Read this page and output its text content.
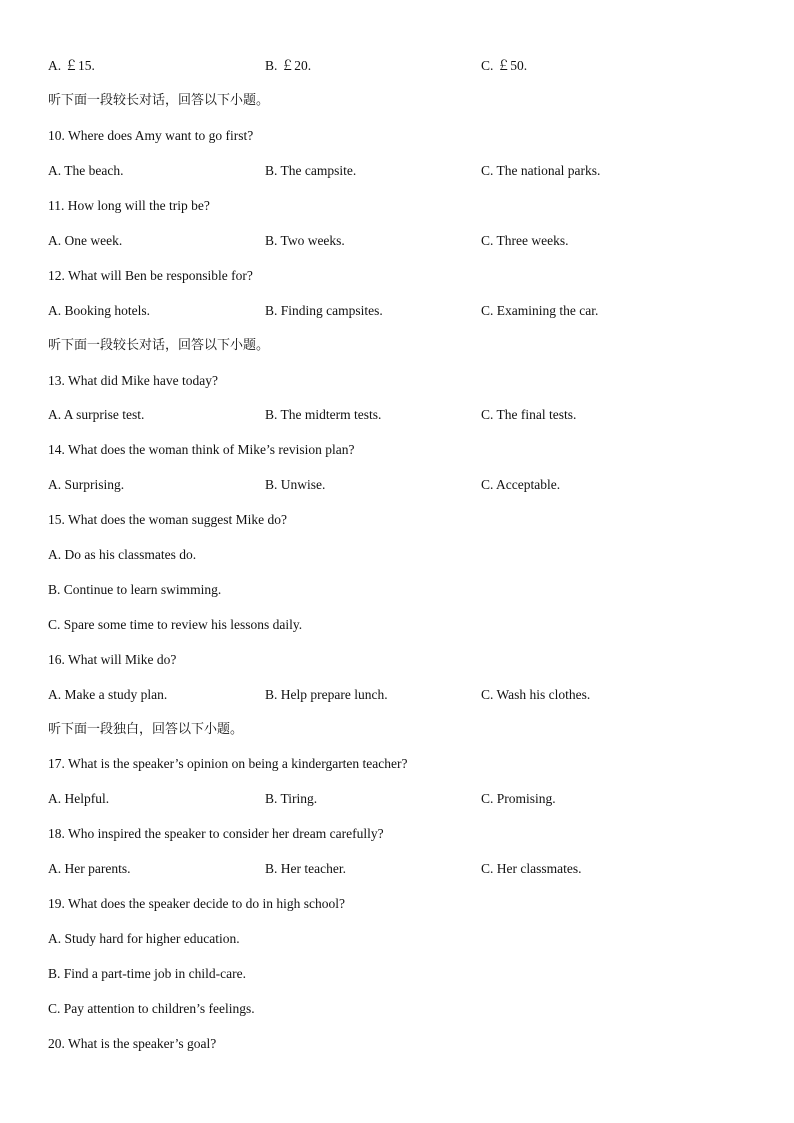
A. ￡15.	B. ￡20.	C. ￡50.
听下面一段较长对话，回答以下小题。
10. Where does Amy want to go first?
A. The beach.	B. The campsite.	C. The national parks.
11. How long will the trip be?
A. One week.	B. Two weeks.	C. Three weeks.
12. What will Ben be responsible for?
A. Booking hotels.	B. Finding campsites.	C. Examining the car.
听下面一段较长对话，回答以下小题。
13. What did Mike have today?
A. A surprise test.	B. The midterm tests.	C. The final tests.
14. What does the woman think of Mike’s revision plan?
A. Surprising.	B. Unwise.	C. Acceptable.
15. What does the woman suggest Mike do?
A. Do as his classmates do.
B. Continue to learn swimming.
C. Spare some time to review his lessons daily.
16. What will Mike do?
A. Make a study plan.	B. Help prepare lunch.	C. Wash his clothes.
听下面一段独白，回答以下小题。
17. What is the speaker’s opinion on being a kindergarten teacher?
A. Helpful.	B. Tiring.	C. Promising.
18. Who inspired the speaker to consider her dream carefully?
A. Her parents.	B. Her teacher.	C. Her classmates.
19. What does the speaker decide to do in high school?
A. Study hard for higher education.
B. Find a part-time job in child-care.
C. Pay attention to children’s feelings.
20. What is the speaker’s goal?
